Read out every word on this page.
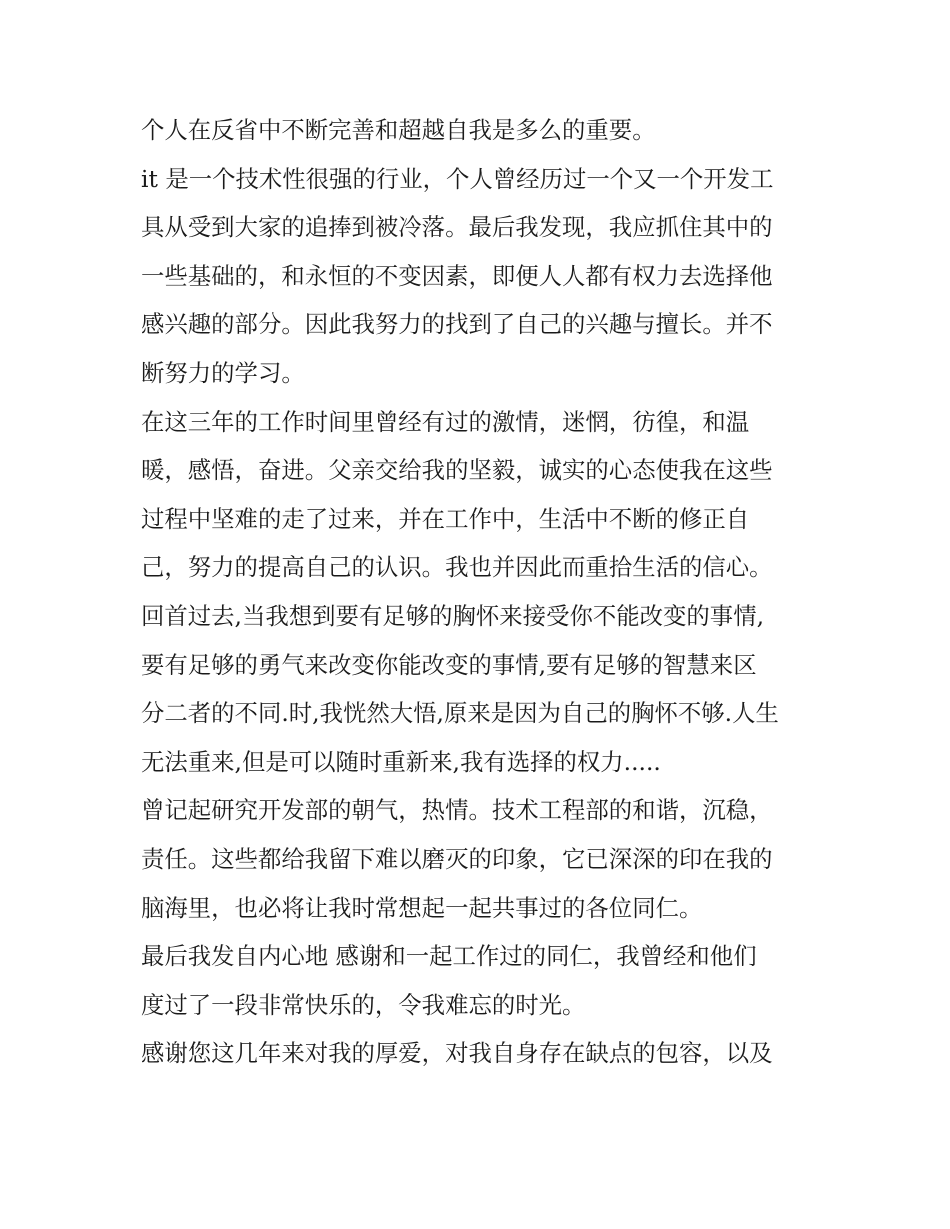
个人在反省中不断完善和超越自我是多么的重要。
it 是一个技术性很强的行业，个人曾经历过一个又一个开发工
具从受到大家的追捧到被冷落。最后我发现，我应抓住其中的
一些基础的，和永恒的不变因素，即便人人都有权力去选择他
感兴趣的部分。因此我努力的找到了自己的兴趣与擅长。并不
断努力的学习。
在这三年的工作时间里曾经有过的激情，迷惘，彷徨，和温
暖，感悟，奋进。父亲交给我的坚毅，诚实的心态使我在这些
过程中坚难的走了过来，并在工作中，生活中不断的修正自
己，努力的提高自己的认识。我也并因此而重拾生活的信心。
回首过去,当我想到要有足够的胸怀来接受你不能改变的事情,
要有足够的勇气来改变你能改变的事情,要有足够的智慧来区
分二者的不同.时,我恍然大悟,原来是因为自己的胸怀不够.人生
无法重来,但是可以随时重新来,我有选择的权力.....
曾记起研究开发部的朝气，热情。技术工程部的和谐，沉稳，
责任。这些都给我留下难以磨灭的印象，它已深深的印在我的
脑海里，也必将让我时常想起一起共事过的各位同仁。
最后我发自内心地 感谢和一起工作过的同仁，我曾经和他们
度过了一段非常快乐的，令我难忘的时光。
感谢您这几年来对我的厚爱，对我自身存在缺点的包容，以及
